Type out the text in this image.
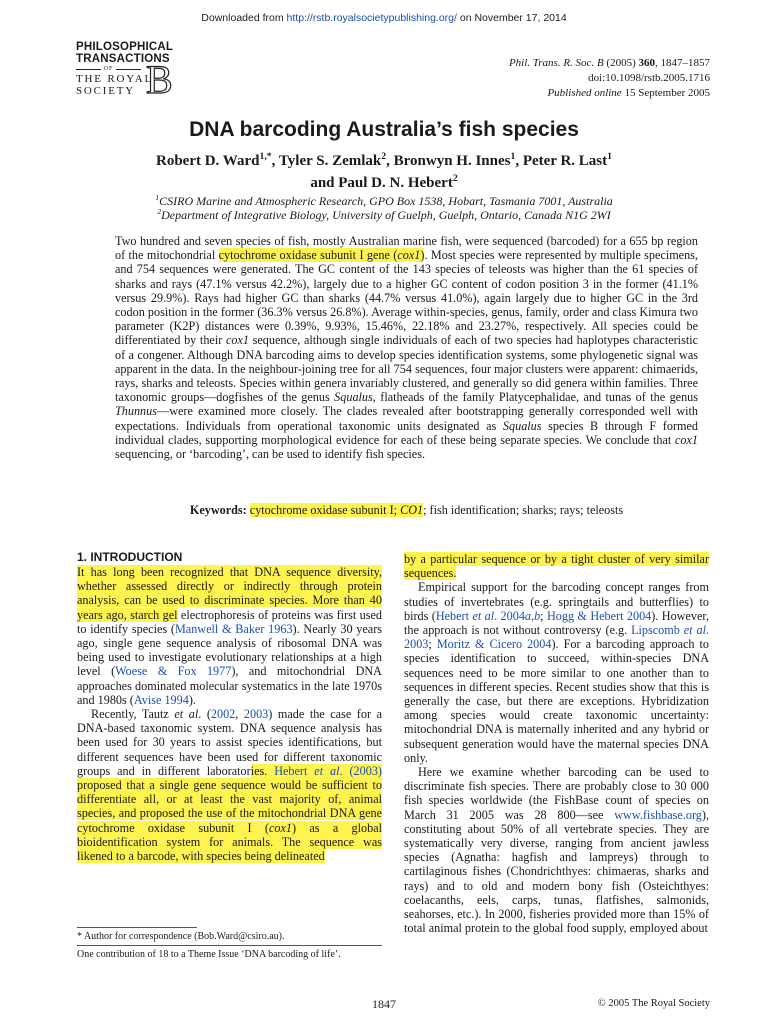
Downloaded from http://rstb.royalsocietypublishing.org/ on November 17, 2014
PHILOSOPHICAL
TRANSACTIONS
OF
THE ROYAL
SOCIETY B	Phil. Trans. R. Soc. B (2005) 360, 1847–1857
doi:10.1098/rstb.2005.1716
Published online 15 September 2005
DNA barcoding Australia’s fish species
Robert D. Ward$^{1,*}$, Tyler S. Zemlak$^2$, Bronwyn H. Innes$^1$, Peter R. Last$^1$
and Paul D. N. Hebert$^2$
$^1$CSIRO Marine and Atmospheric Research, GPO Box 1538, Hobart, Tasmania 7001, Australia
$^2$Department of Integrative Biology, University of Guelph, Guelph, Ontario, Canada N1G 2WI
Two hundred and seven species of fish, mostly Australian marine fish, were sequenced (barcoded) for a 655 bp region of the mitochondrial cytochrome oxidase subunit I gene (cox1). Most species were represented by multiple specimens, and 754 sequences were generated. The GC content of the 143 species of teleosts was higher than the 61 species of sharks and rays (47.1% versus 42.2%), largely due to a higher GC content of codon position 3 in the former (41.1% versus 29.9%). Rays had higher GC than sharks (44.7% versus 41.0%), again largely due to higher GC in the 3rd codon position in the former (36.3% versus 26.8%). Average within-species, genus, family, order and class Kimura two parameter (K2P) distances were 0.39%, 9.93%, 15.46%, 22.18% and 23.27%, respectively. All species could be differentiated by their cox1 sequence, although single individuals of each of two species had haplotypes characteristic of a congener. Although DNA barcoding aims to develop species identification systems, some phylogenetic signal was apparent in the data. In the neighbour-joining tree for all 754 sequences, four major clusters were apparent: chimaerids, rays, sharks and teleosts. Species within genera invariably clustered, and generally so did genera within families. Three taxonomic groups—dogfishes of the genus Squalus, flatheads of the family Platycephalidae, and tunas of the genus Thunnus—were examined more closely. The clades revealed after bootstrapping generally corresponded well with expectations. Individuals from operational taxonomic units designated as Squalus species B through F formed individual clades, supporting morphological evidence for each of these being separate species. We conclude that cox1 sequencing, or ‘barcoding’, can be used to identify fish species.
Keywords: cytochrome oxidase subunit I; CO1; fish identification; sharks; rays; teleosts
1. INTRODUCTION

It has long been recognized that DNA sequence diversity, whether assessed directly or indirectly through protein analysis, can be used to discriminate species. More than 40 years ago, starch gel electrophoresis of proteins was first used to identify species (Manwell & Baker 1963). Nearly 30 years ago, single gene sequence analysis of ribosomal DNA was being used to investigate evolutionary relationships at a high level (Woese & Fox 1977), and mitochondrial DNA approaches dominated molecular systematics in the late 1970s and 1980s (Avise 1994).

Recently, Tautz et al. (2002, 2003) made the case for a DNA-based taxonomic system. DNA sequence analysis has been used for 30 years to assist species identifications, but different sequences have been used for different taxonomic groups and in different laboratories. Hebert et al. (2003) proposed that a single gene sequence would be sufficient to differentiate all, or at least the vast majority of, animal species, and proposed the use of the mitochondrial DNA gene cytochrome oxidase subunit I (cox1) as a global bioidentification system for animals. The sequence was likened to a barcode, with species being delineated

by a particular sequence or by a tight cluster of very similar sequences.

Empirical support for the barcoding concept ranges from studies of invertebrates (e.g. springtails and butterflies) to birds (Hebert et al. 2004a,b; Hogg & Hebert 2004). However, the approach is not without controversy (e.g. Lipscomb et al. 2003; Moritz & Cicero 2004). For a barcoding approach to species identification to succeed, within-species DNA sequences need to be more similar to one another than to sequences in different species. Recent studies show that this is generally the case, but there are exceptions. Hybridization among species would create taxonomic uncertainty: mitochondrial DNA is maternally inherited and any hybrid or subsequent generation would have the maternal species DNA only.

Here we examine whether barcoding can be used to discriminate fish species. There are probably close to 30 000 fish species worldwide (the FishBase count of species on March 31 2005 was 28 800—see www.fishbase.org), constituting about 50% of all vertebrate species. They are systematically very diverse, ranging from ancient jawless species (Agnatha: hagfish and lampreys) through to cartilaginous fishes (Chondrichthyes: chimaeras, sharks and rays) and to old and modern bony fish (Osteichthyes: coelacanths, eels, carps, tunas, flatfishes, salmonids, seahorses, etc.). In 2000, fisheries provided more than 15% of total animal protein to the global food supply, employed about

* Author for correspondence (Bob.Ward@csiro.au).
One contribution of 18 to a Theme Issue ‘DNA barcoding of life’.
1847	© 2005 The Royal Society
